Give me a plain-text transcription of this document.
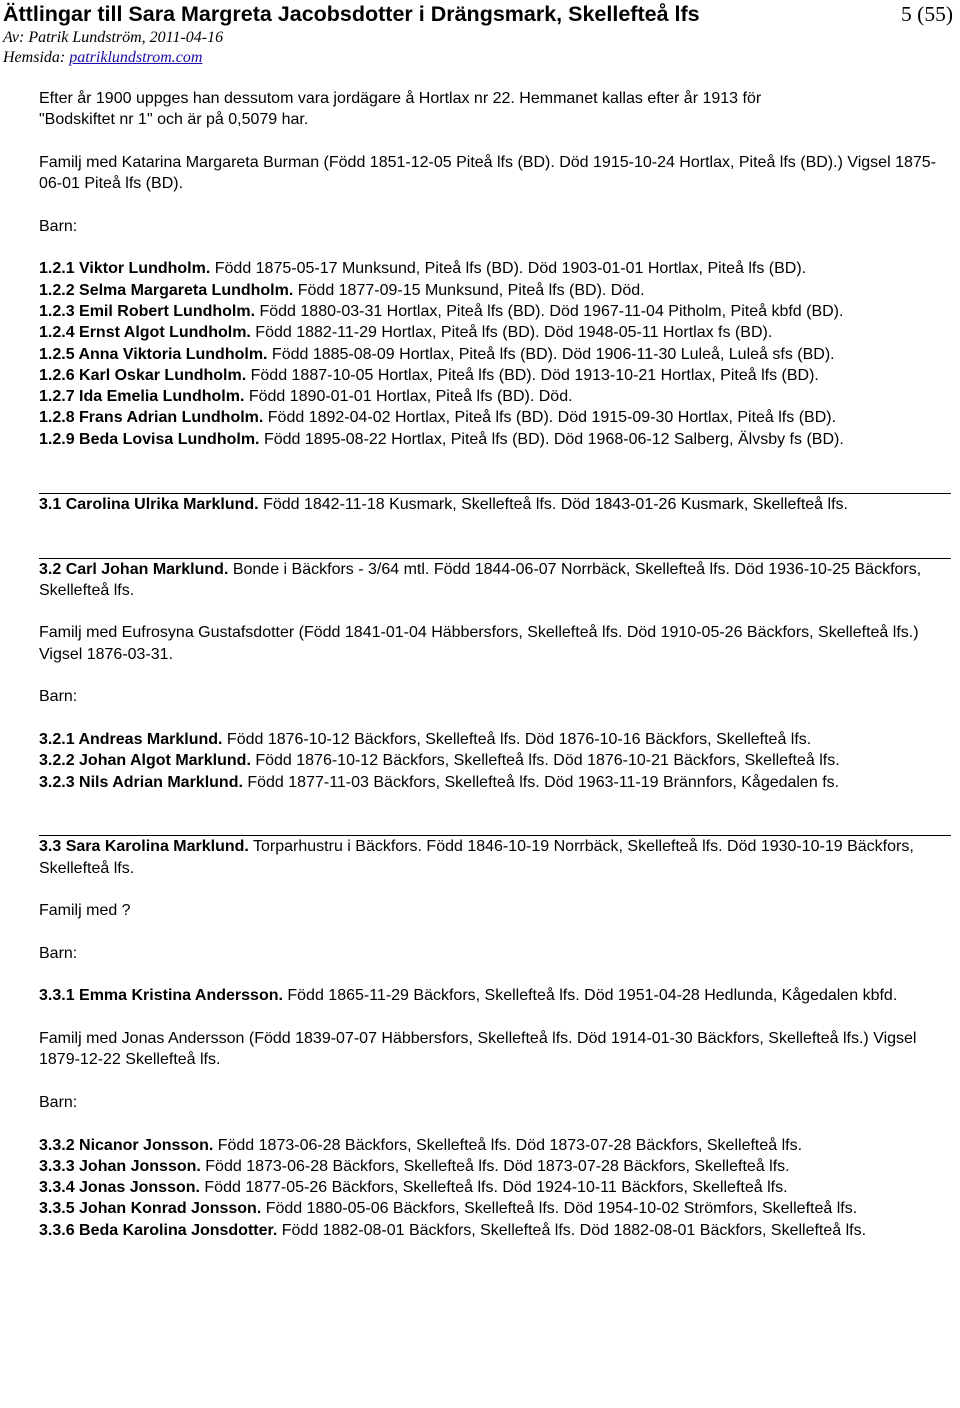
Ättlingar till Sara Margreta Jacobsdotter i Drängsmark, Skellefteå lfs	5 (55)
Av: Patrik Lundström, 2011-04-16
Hemsida: patriklundstrom.com

Efter år 1900 uppges han dessutom vara jordägare å Hortlax nr 22. Hemmanet kallas efter år 1913 för

"Bodskiftet nr 1" och är på 0,5079 har.

Familj med Katarina Margareta Burman (Född 1851-12-05 Piteå lfs (BD). Död 1915-10-24 Hortlax, Piteå lfs (BD).) Vigsel 1875-06-01 Piteå lfs (BD).

Barn:

1.2.1 Viktor Lundholm. Född 1875-05-17 Munksund, Piteå lfs (BD). Död 1903-01-01 Hortlax, Piteå lfs (BD).

1.2.2 Selma Margareta Lundholm. Född 1877-09-15 Munksund, Piteå lfs (BD). Död.

1.2.3 Emil Robert Lundholm. Född 1880-03-31 Hortlax, Piteå lfs (BD). Död 1967-11-04 Pitholm, Piteå kbfd (BD).

1.2.4 Ernst Algot Lundholm. Född 1882-11-29 Hortlax, Piteå lfs (BD). Död 1948-05-11 Hortlax fs (BD).

1.2.5 Anna Viktoria Lundholm. Född 1885-08-09 Hortlax, Piteå lfs (BD). Död 1906-11-30 Luleå, Luleå sfs (BD).

1.2.6 Karl Oskar Lundholm. Född 1887-10-05 Hortlax, Piteå lfs (BD). Död 1913-10-21 Hortlax, Piteå lfs (BD).

1.2.7 Ida Emelia Lundholm. Född 1890-01-01 Hortlax, Piteå lfs (BD). Död.

1.2.8 Frans Adrian Lundholm. Född 1892-04-02 Hortlax, Piteå lfs (BD). Död 1915-09-30 Hortlax, Piteå lfs (BD).

1.2.9 Beda Lovisa Lundholm. Född 1895-08-22 Hortlax, Piteå lfs (BD). Död 1968-06-12 Salberg, Älvsby fs (BD).

3.1 Carolina Ulrika Marklund. Född 1842-11-18 Kusmark, Skellefteå lfs. Död 1843-01-26 Kusmark, Skellefteå lfs.

3.2 Carl Johan Marklund. Bonde i Bäckfors - 3/64 mtl. Född 1844-06-07 Norrbäck, Skellefteå lfs. Död 1936-10-25 Bäckfors, Skellefteå lfs.

Familj med Eufrosyna Gustafsdotter (Född 1841-01-04 Häbbersfors, Skellefteå lfs. Död 1910-05-26 Bäckfors, Skellefteå lfs.) Vigsel 1876-03-31.

Barn:

3.2.1 Andreas Marklund. Född 1876-10-12 Bäckfors, Skellefteå lfs. Död 1876-10-16 Bäckfors, Skellefteå lfs.

3.2.2 Johan Algot Marklund. Född 1876-10-12 Bäckfors, Skellefteå lfs. Död 1876-10-21 Bäckfors, Skellefteå lfs.

3.2.3 Nils Adrian Marklund. Född 1877-11-03 Bäckfors, Skellefteå lfs. Död 1963-11-19 Brännfors, Kågedalen fs.

3.3 Sara Karolina Marklund. Torparhustru i Bäckfors. Född 1846-10-19 Norrbäck, Skellefteå lfs. Död 1930-10-19 Bäckfors, Skellefteå lfs.

Familj med ?

Barn:

3.3.1 Emma Kristina Andersson. Född 1865-11-29 Bäckfors, Skellefteå lfs. Död 1951-04-28 Hedlunda, Kågedalen kbfd.

Familj med Jonas Andersson (Född 1839-07-07 Häbbersfors, Skellefteå lfs. Död 1914-01-30 Bäckfors, Skellefteå lfs.) Vigsel 1879-12-22 Skellefteå lfs.

Barn:

3.3.2 Nicanor Jonsson. Född 1873-06-28 Bäckfors, Skellefteå lfs. Död 1873-07-28 Bäckfors, Skellefteå lfs.

3.3.3 Johan Jonsson. Född 1873-06-28 Bäckfors, Skellefteå lfs. Död 1873-07-28 Bäckfors, Skellefteå lfs.

3.3.4 Jonas Jonsson. Född 1877-05-26 Bäckfors, Skellefteå lfs. Död 1924-10-11 Bäckfors, Skellefteå lfs.

3.3.5 Johan Konrad Jonsson. Född 1880-05-06 Bäckfors, Skellefteå lfs. Död 1954-10-02 Strömfors, Skellefteå lfs.

3.3.6 Beda Karolina Jonsdotter. Född 1882-08-01 Bäckfors, Skellefteå lfs. Död 1882-08-01 Bäckfors, Skellefteå lfs.
